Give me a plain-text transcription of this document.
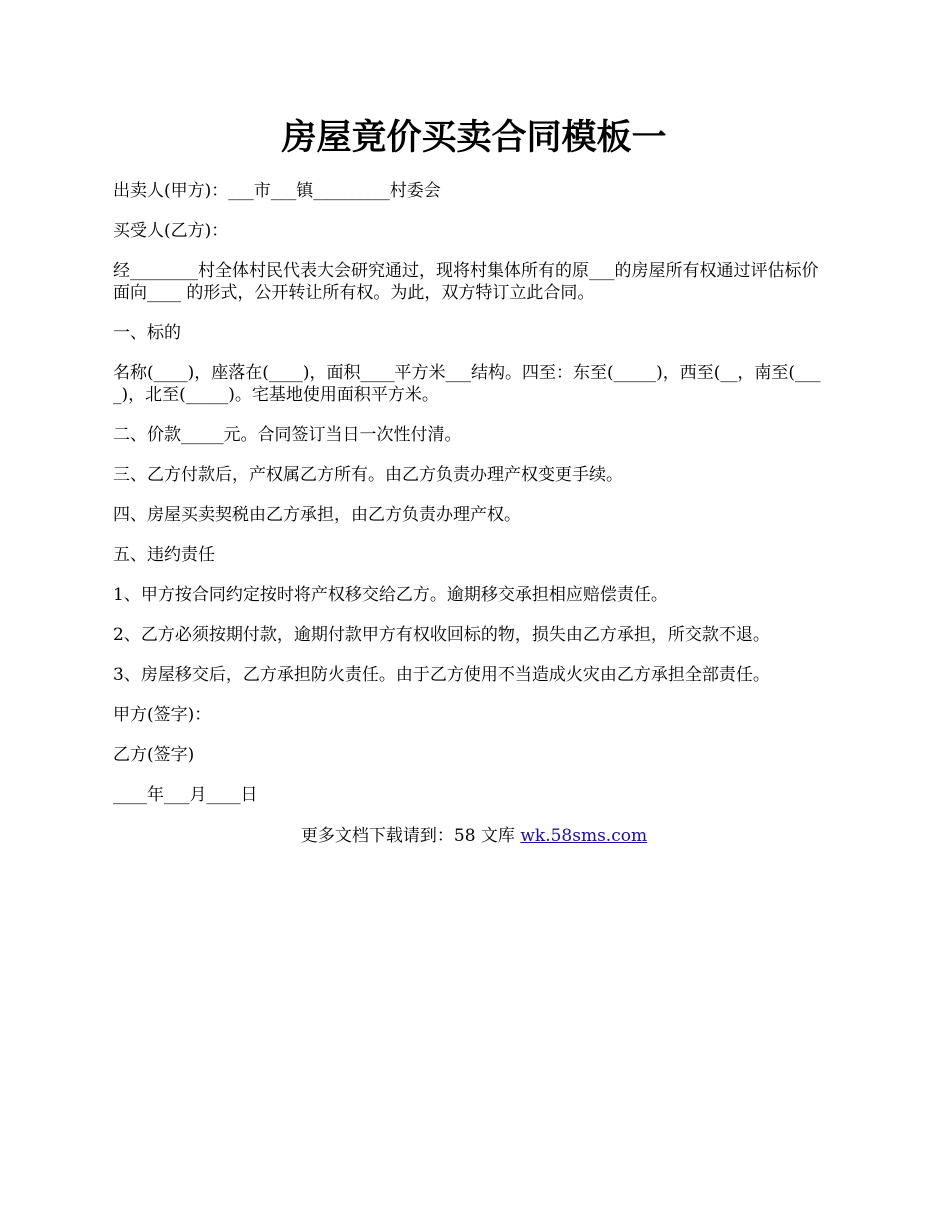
房屋竟价买卖合同模板一

出卖人(甲方)：___市___镇_________村委会

买受人(乙方)：

经________村全体村民代表大会研究通过，现将村集体所有的原___的房屋所有权通过评估标价面向____ 的形式，公开转让所有权。为此，双方特订立此合同。

一、标的

名称(____)，座落在(____)，面积____平方米___结构。四至：东至(_____)，西至(__，南至(____)，北至(_____)。宅基地使用面积平方米。

二、价款_____元。合同签订当日一次性付清。

三、乙方付款后，产权属乙方所有。由乙方负责办理产权变更手续。

四、房屋买卖契税由乙方承担，由乙方负责办理产权。

五、违约责任

1、甲方按合同约定按时将产权移交给乙方。逾期移交承担相应赔偿责任。

2、乙方必须按期付款，逾期付款甲方有权收回标的物，损失由乙方承担，所交款不退。

3、房屋移交后，乙方承担防火责任。由于乙方使用不当造成火灾由乙方承担全部责任。

甲方(签字)：

乙方(签字)

____年___月____日

更多文档下载请到：58 文库 wk.58sms.com
